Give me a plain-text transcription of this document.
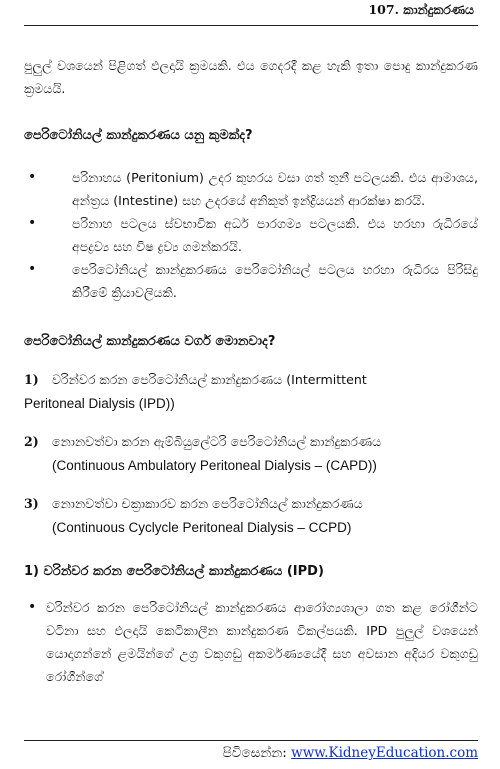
107. කාන්දුකරණය

පුලුල් වශයෙන් පිළිගත් ඵලදායි ක්‍රමයකි. එය ගෙදරදී කළ හැකි ඉතා පොදු කාන්දුකරණ ක්‍රමයයි.

පෙරිටෝනියල් කාන්දුකරණය යනු කුමක්ද?

•	පරිනාහය (Peritonium) උදර කුහරය වසා ගත් තුනී පටලයකි. එය ආමාශය, අන්ත්‍රය (Intestine) සහ උදරයේ අනිකුත් ඉන්ද්‍රියයන් ආරක්ෂා කරයි.
•	පරිනාහ පටලය ස්වභාවික අර්ධ පාරගම්‍ය පටලයකි. එය හරහා රුධිරයේ අපද්‍රව්‍ය සහ විෂ ද්‍රව්‍ය ගමන්කරයි.
•	පෙරිටෝනියල් කාන්දුකරණය පෙරිටෝනියල් පටලය හරහා රුධිරය පිරිසිදු කිරීමේ ක්‍රියාවලියකි.

පෙරිටෝනියල් කාන්දුකරණය වර්ග මොනවාද?

1) වරින්වර කරන පෙරිටෝනියල් කාන්දුකරණය (Intermittent
Peritoneal Dialysis (IPD))
2) නොනවත්වා කරන ඇම්බියුලේටරි පෙරිටෝනියල් කාන්දුකරණය
(Continuous Ambulatory Peritoneal Dialysis – (CAPD))
3) නොනවත්වා චක්‍රාකාරව කරන පෙරිටෝනියල් කාන්දුකරණය
(Continuous Cyclycle Peritoneal Dialysis – CCPD)

1) වරින්වර කරන පෙරිටෝනියල් කාන්දුකරණය (IPD)

• වරින්වර කරන පෙරිටෝනියල් කාන්දුකරණය ආරෝග්‍යශාලා ගත කළ රෝගීන්ට වටිනා සහ ඵලදායි කෙටිකාලීන කාන්දුකරණ විකල්පයකි. IPD පුලුල් වශයෙන් යොදාගන්නේ ළමයින්ගේ උග්‍ර වකුගඩු අකර්මණ්‍යයේදී සහ අවසාන අදියර වකුගඩු රෝගීන්ගේ
පිවිසෙන්න: www.KidneyEducation.com
